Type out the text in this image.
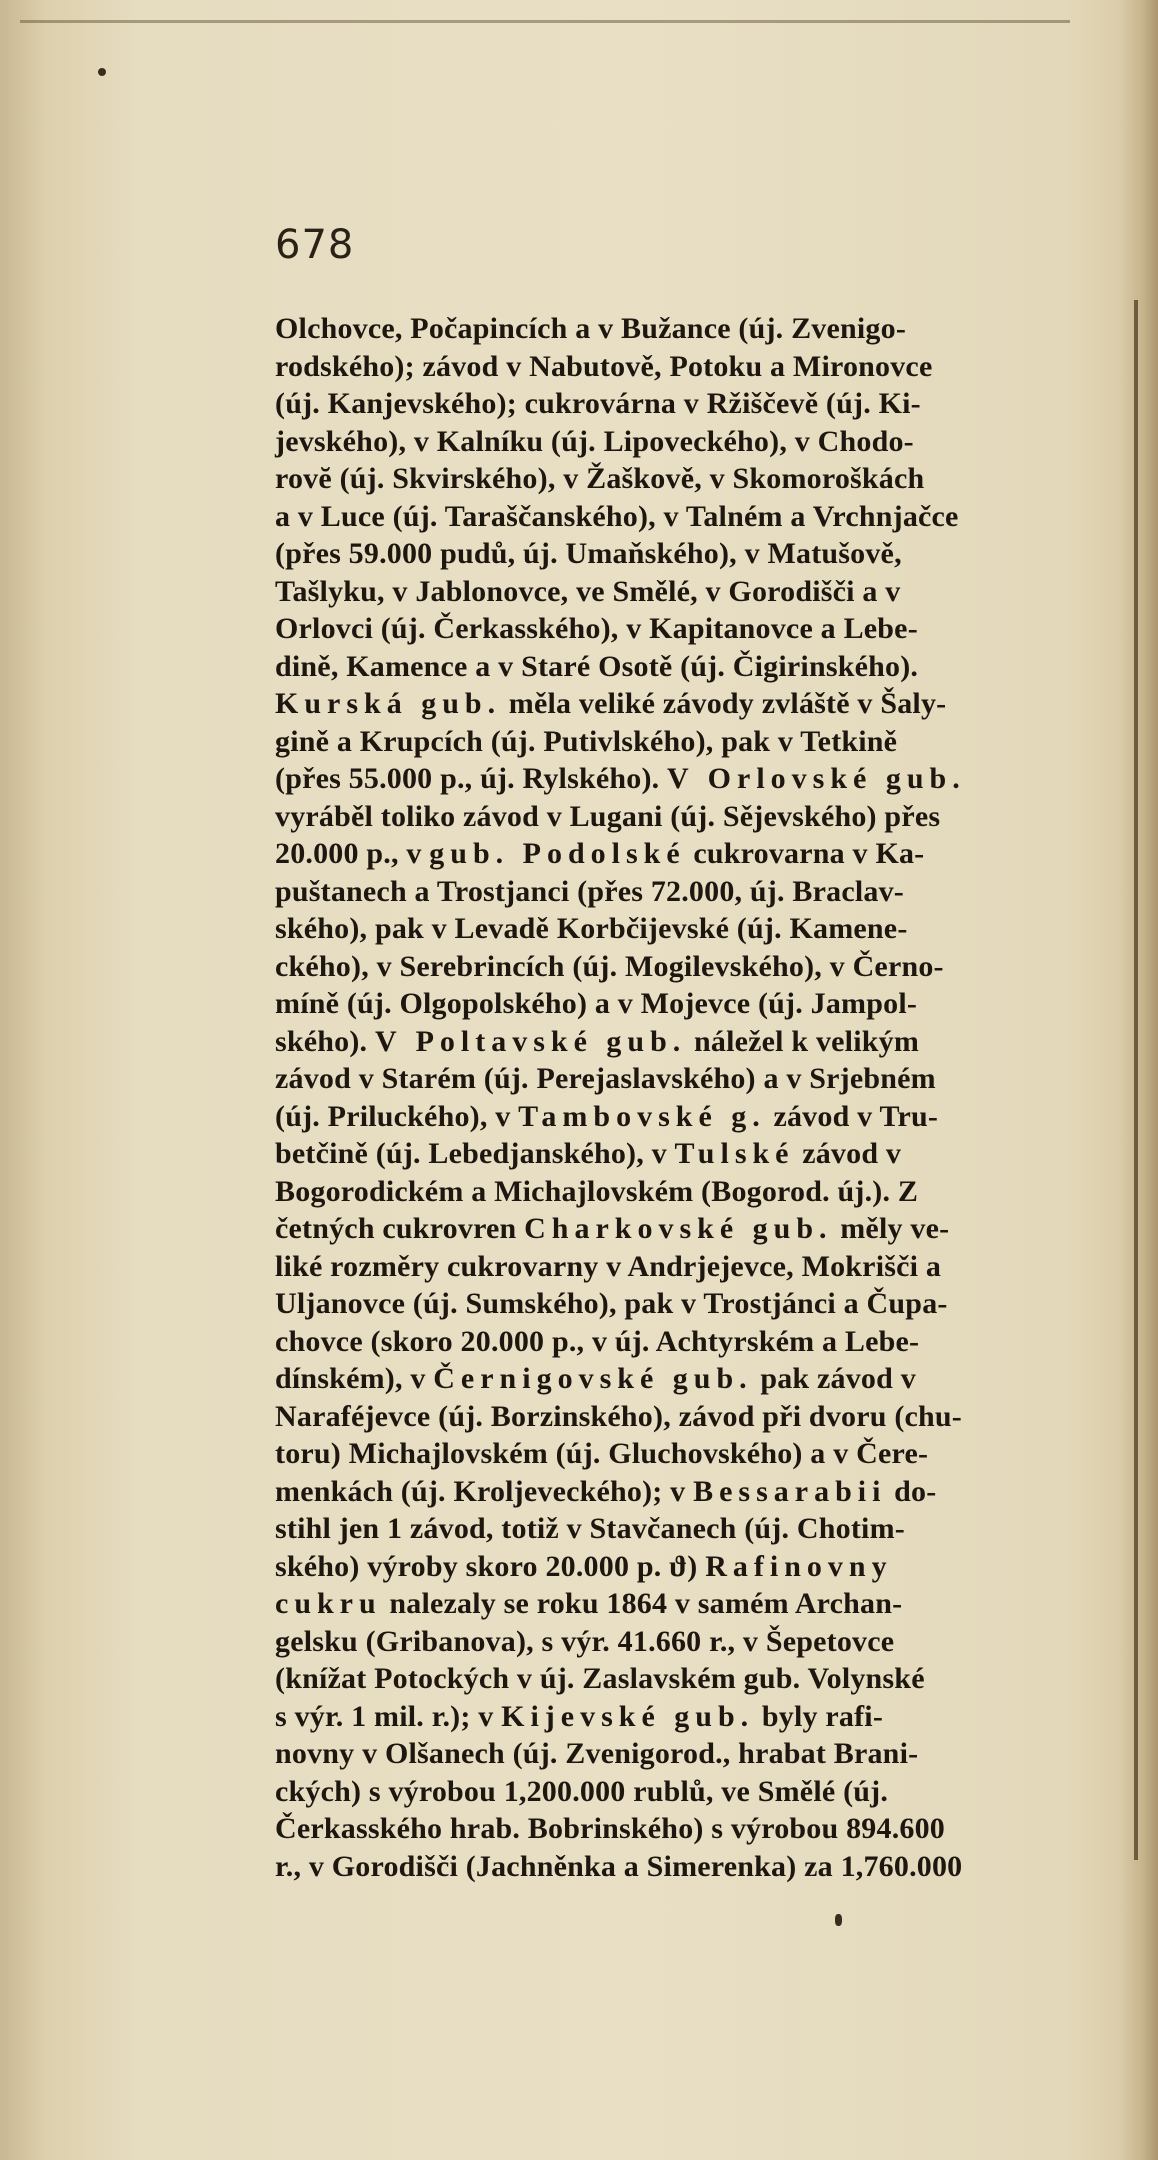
678
Olchovce, Počapincích a v Bužance (új. Zvenigo-
rodského); závod v Nabutově, Potoku a Mironovce
(új. Kanjevského); cukrovárna v Ržiščevě (új. Ki-
jevského), v Kalníku (új. Lipoveckého), v Chodo-
rovĕ (új. Skvirského), v Žaškově, v Skomoroškách
a v Luce (új. Taraščanského), v Talném a Vrchnjačce
(přes 59.000 pudů, új. Umaňského), v Matušově,
Tašlyku, v Jablonovce, ve Smělé, v Gorodišči a v
Orlovci (új. Čerkasského), v Kapitanovce a Lebe-
dině, Kamence a v Staré Osotě (új. Čigirinského).
Kurská gub. měla veliké závody zvláště v Šaly-
gině a Krupcích (új. Putivlského), pak v Tetkině
(přes 55.000 p., új. Rylského). V Orlovské gub.
vyráběl toliko závod v Lugani (új. Sějevského) přes
20.000 p., v gub. Podolské cukrovarna v Ka-
puštanech a Trostjanci (přes 72.000, új. Braclav-
ského), pak v Levadě Korbčijevské (új. Kamene-
ckého), v Serebrincích (új. Mogilevského), v Černo-
míně (új. Olgopolského) a v Mojevce (új. Jampol-
ského). V Poltavské gub. náležel k velikým
závod v Starém (új. Perejaslavského) a v Srjebném
(új. Priluckého), v Tambovské g. závod v Tru-
betčině (új. Lebedjanského), v Tulské závod v
Bogorodickém a Michajlovském (Bogorod. új.). Z
četných cukrovren Charkovské gub. měly ve-
liké rozměry cukrovarny v Andrjejevce, Mokrišči a
Uljanovce (új. Sumského), pak v Trostjánci a Čupa-
chovce (skoro 20.000 p., v új. Achtyrském a Lebe-
dínském), v Černigovské gub. pak závod v
Naraféjevce (új. Borzinského), závod při dvoru (chu-
toru) Michajlovském (új. Gluchovského) a v Čere-
menkách (új. Kroljeveckého); v Bessarabii do-
stihl jen 1 závod, totiž v Stavčanech (új. Chotim-
ského) výroby skoro 20.000 p. ϑ) Rafinovny
cukru nalezaly se roku 1864 v samém Archan-
gelsku (Gribanova), s výr. 41.660 r., v Šepetovce
(knížat Potockých v új. Zaslavském gub. Volynské
s výr. 1 mil. r.); v Kijevské gub. byly rafi-
novny v Olšanech (új. Zvenigorod., hrabat Brani-
ckých) s výrobou 1,200.000 rublů, ve Smělé (új.
Čerkasského hrab. Bobrinského) s výrobou 894.600
r., v Gorodišči (Jachněnka a Simerenka) za 1,760.000
